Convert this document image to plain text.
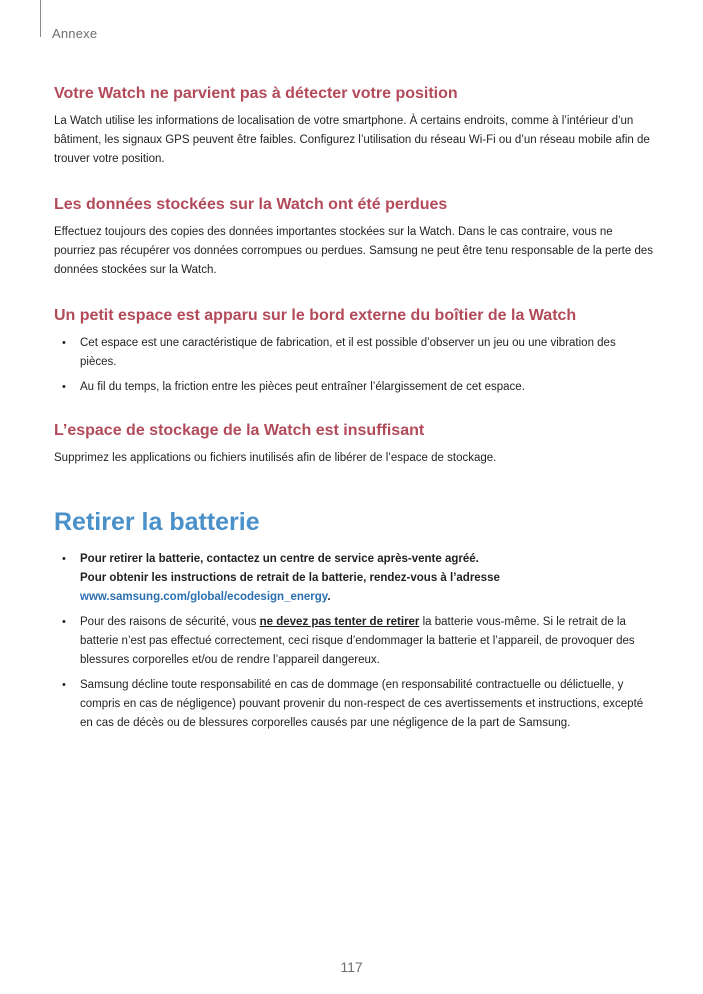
Annexe
Votre Watch ne parvient pas à détecter votre position

La Watch utilise les informations de localisation de votre smartphone. À certains endroits, comme à l’intérieur d’un bâtiment, les signaux GPS peuvent être faibles. Configurez l’utilisation du réseau Wi-Fi ou d’un réseau mobile afin de trouver votre position.

Les données stockées sur la Watch ont été perdues

Effectuez toujours des copies des données importantes stockées sur la Watch. Dans le cas contraire, vous ne pourriez pas récupérer vos données corrompues ou perdues. Samsung ne peut être tenu responsable de la perte des données stockées sur la Watch.

Un petit espace est apparu sur le bord externe du boîtier de la Watch
• Cet espace est une caractéristique de fabrication, et il est possible d’observer un jeu ou une vibration des pièces.
• Au fil du temps, la friction entre les pièces peut entraîner l’élargissement de cet espace.
L’espace de stockage de la Watch est insuffisant

Supprimez les applications ou fichiers inutilisés afin de libérer de l’espace de stockage.

Retirer la batterie
• Pour retirer la batterie, contactez un centre de service après-vente agréé.
Pour obtenir les instructions de retrait de la batterie, rendez-vous à l’adresse
www.samsung.com/global/ecodesign_energy.
• Pour des raisons de sécurité, vous ne devez pas tenter de retirer la batterie vous-même. Si le retrait de la batterie n’est pas effectué correctement, ceci risque d’endommager la batterie et l’appareil, de provoquer des blessures corporelles et/ou de rendre l’appareil dangereux.
• Samsung décline toute responsabilité en cas de dommage (en responsabilité contractuelle ou délictuelle, y compris en cas de négligence) pouvant provenir du non-respect de ces avertissements et instructions, excepté en cas de décès ou de blessures corporelles causés par une négligence de la part de Samsung.
117
